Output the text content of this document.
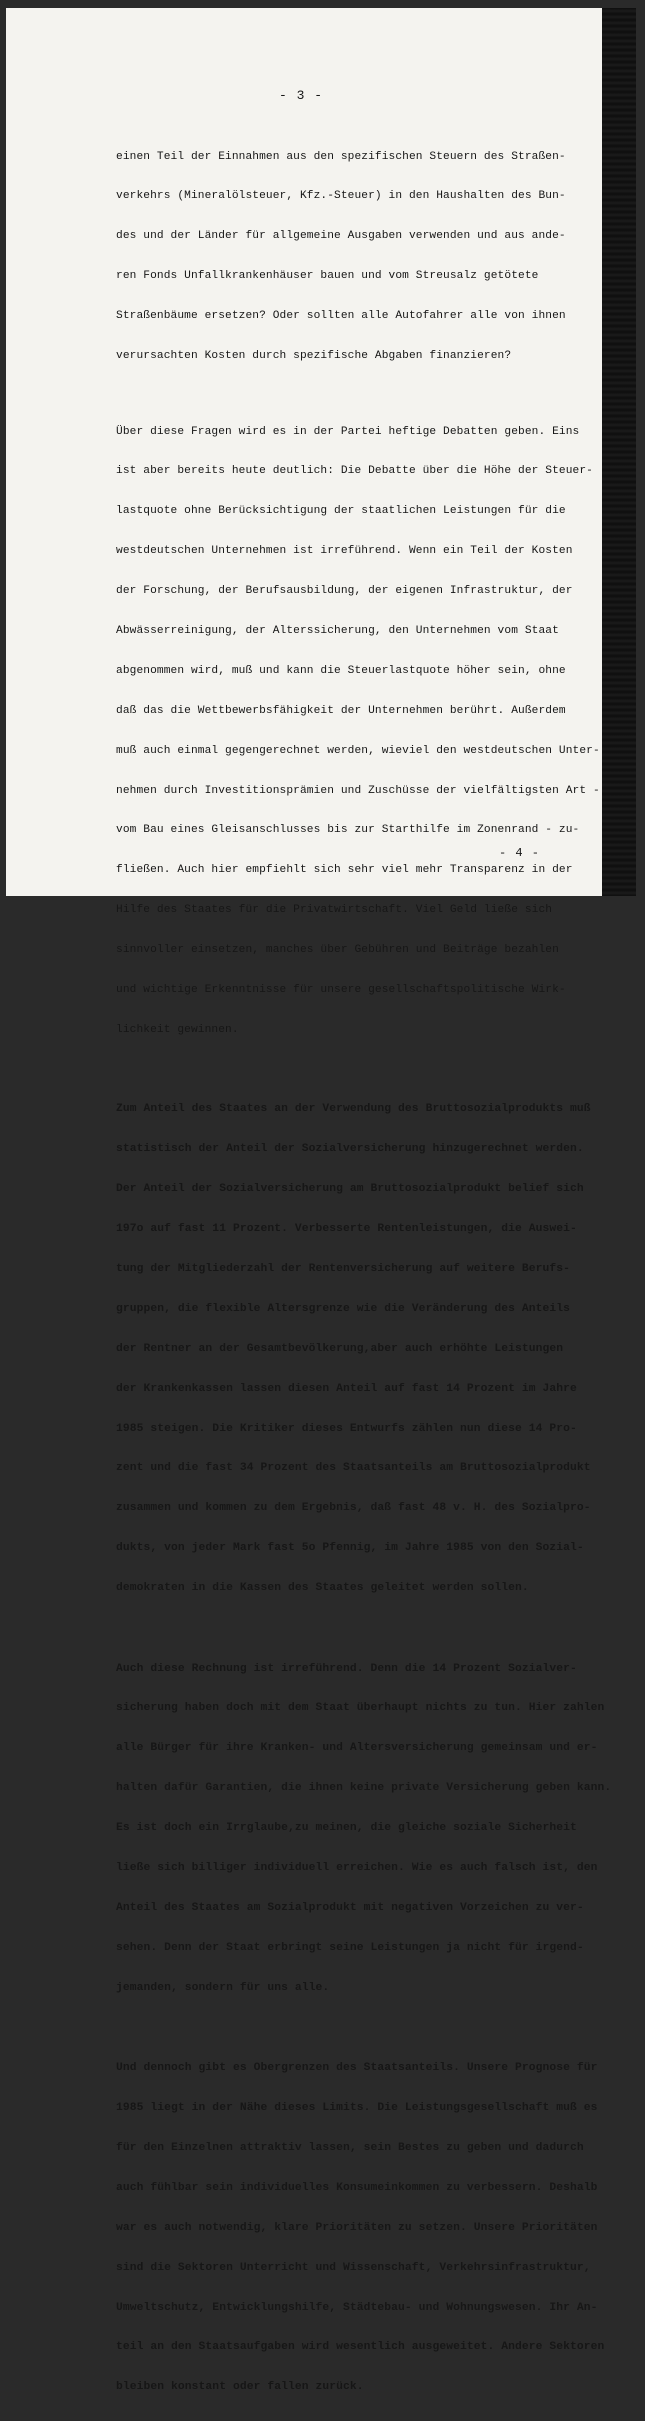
- 3 -

einen Teil der Einnahmen aus den spezifischen Steuern des Straßen-

verkehrs (Mineralölsteuer, Kfz.-Steuer) in den Haushalten des Bun-

des und der Länder für allgemeine Ausgaben verwenden und aus ande-

ren Fonds Unfallkrankenhäuser bauen und vom Streusalz getötete

Straßenbäume ersetzen? Oder sollten alle Autofahrer alle von ihnen

verursachten Kosten durch spezifische Abgaben finanzieren?

Über diese Fragen wird es in der Partei heftige Debatten geben. Eins

ist aber bereits heute deutlich: Die Debatte über die Höhe der Steuer-

lastquote ohne Berücksichtigung der staatlichen Leistungen für die

westdeutschen Unternehmen ist irreführend. Wenn ein Teil der Kosten

der Forschung, der Berufsausbildung, der eigenen Infrastruktur, der

Abwässerreinigung, der Alterssicherung, den Unternehmen vom Staat

abgenommen wird, muß und kann die Steuerlastquote höher sein, ohne

daß das die Wettbewerbsfähigkeit der Unternehmen berührt. Außerdem

muß auch einmal gegengerechnet werden, wieviel den westdeutschen Unter-

nehmen durch Investitionsprämien und Zuschüsse der vielfältigsten Art -

vom Bau eines Gleisanschlusses bis zur Starthilfe im Zonenrand - zu-

fließen. Auch hier empfiehlt sich sehr viel mehr Transparenz in der

Hilfe des Staates für die Privatwirtschaft. Viel Geld ließe sich

sinnvoller einsetzen, manches über Gebühren und Beiträge bezahlen

und wichtige Erkenntnisse für unsere gesellschaftspolitische Wirk-

lichkeit gewinnen.

Zum Anteil des Staates an der Verwendung des Bruttosozialprodukts muß

statistisch der Anteil der Sozialversicherung hinzugerechnet werden.

Der Anteil der Sozialversicherung am Bruttosozialprodukt belief sich

197o auf fast 11 Prozent. Verbesserte Rentenleistungen, die Auswei-

tung der Mitgliederzahl der Rentenversicherung auf weitere Berufs-

gruppen, die flexible Altersgrenze wie die Veränderung des Anteils

der Rentner an der Gesamtbevölkerung,aber auch erhöhte Leistungen

der Krankenkassen lassen diesen Anteil auf fast 14 Prozent im Jahre

1985 steigen. Die Kritiker dieses Entwurfs zählen nun diese 14 Pro-

zent und die fast 34 Prozent des Staatsanteils am Bruttosozialprodukt

zusammen und kommen zu dem Ergebnis, daß fast 48 v. H. des Sozialpro-

dukts, von jeder Mark fast 5o Pfennig, im Jahre 1985 von den Sozial-

demokraten in die Kassen des Staates geleitet werden sollen.

Auch diese Rechnung ist irreführend. Denn die 14 Prozent Sozialver-

sicherung haben doch mit dem Staat überhaupt nichts zu tun. Hier zahlen

alle Bürger für ihre Kranken- und Altersversicherung gemeinsam und er-

halten dafür Garantien, die ihnen keine private Versicherung geben kann.

Es ist doch ein Irrglaube,zu meinen, die gleiche soziale Sicherheit

ließe sich billiger individuell erreichen. Wie es auch falsch ist, den

Anteil des Staates am Sozialprodukt mit negativen Vorzeichen zu ver-

sehen. Denn der Staat erbringt seine Leistungen ja nicht für irgend-

jemanden, sondern für uns alle.

Und dennoch gibt es Obergrenzen des Staatsanteils. Unsere Prognose für

1985 liegt in der Nähe dieses Limits. Die Leistungsgesellschaft muß es

für den Einzelnen attraktiv lassen, sein Bestes zu geben und dadurch

auch fühlbar sein individuelles Konsumeinkommen zu verbessern. Deshalb

war es auch notwendig, klare Prioritäten zu setzen. Unsere Prioritäten

sind die Sektoren Unterricht und Wissenschaft, Verkehrsinfrastruktur,

Umweltschutz, Entwicklungshilfe, Städtebau- und Wohnungswesen. Ihr An-

teil an den Staatsaufgaben wird wesentlich ausgeweitet. Andere Sektoren

bleiben konstant oder fallen zurück.

- 4 -
